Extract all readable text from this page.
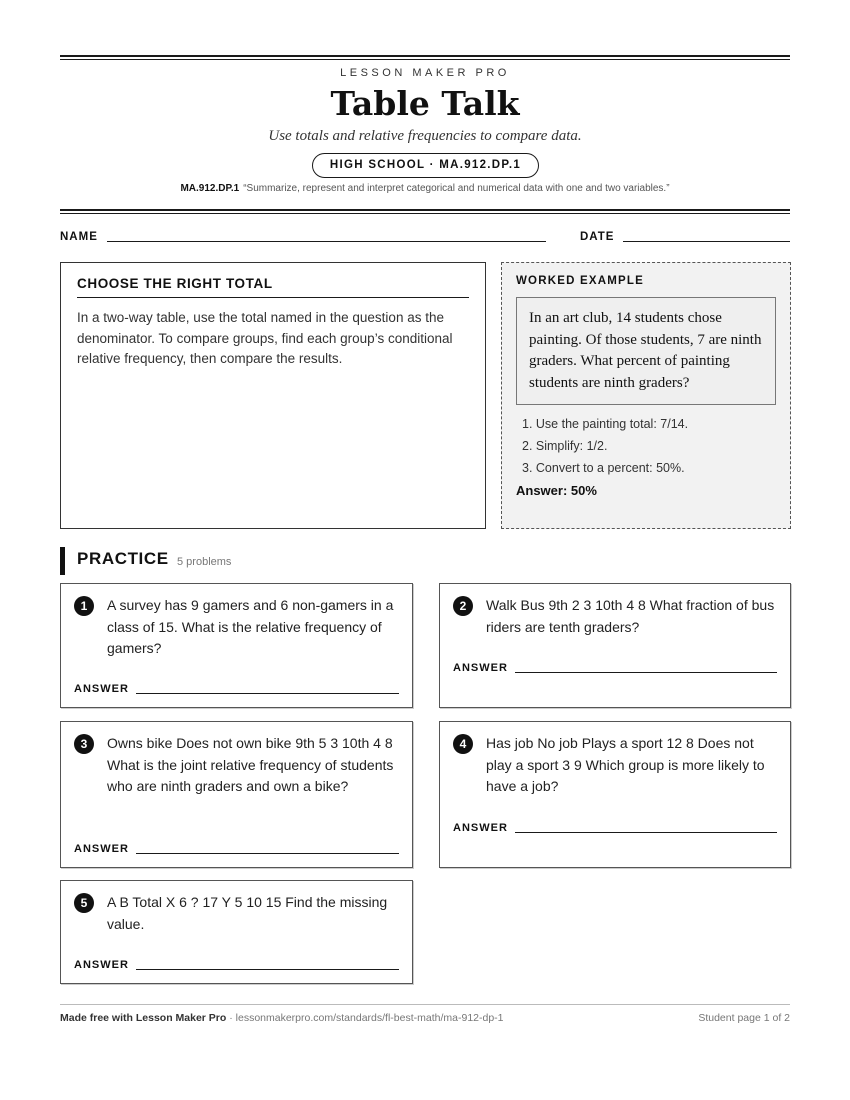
LESSON MAKER PRO
Table Talk
Use totals and relative frequencies to compare data.
HIGH SCHOOL · MA.912.DP.1
MA.912.DP.1 “Summarize, represent and interpret categorical and numerical data with one and two variables.”
NAME	DATE
CHOOSE THE RIGHT TOTAL

In a two-way table, use the total named in the question as the denominator. To compare groups, find each group’s conditional relative frequency, then compare the results.

WORKED EXAMPLE
In an art club, 14 students chose painting. Of those students, 7 are ninth graders. What percent of painting students are ninth graders?
1. Use the painting total: 7/14.
2. Simplify: 1/2.
3. Convert to a percent: 50%.
Answer: 50%
PRACTICE 5 problems
1	A survey has 9 gamers and 6 non-gamers in a class of 15. What is the relative frequency of gamers?
ANSWER
2	Walk Bus 9th 2 3 10th 4 8 What fraction of bus riders are tenth graders?
ANSWER
3	Owns bike Does not own bike 9th 5 3 10th 4 8 What is the joint relative frequency of students who are ninth graders and own a bike?
ANSWER
4	Has job No job Plays a sport 12 8 Does not play a sport 3 9 Which group is more likely to have a job?
ANSWER
5	A B Total X 6 ? 17 Y 5 10 15 Find the missing value.
ANSWER
Made free with Lesson Maker Pro · lessonmakerpro.com/standards/fl-best-math/ma-912-dp-1	Student page 1 of 2
